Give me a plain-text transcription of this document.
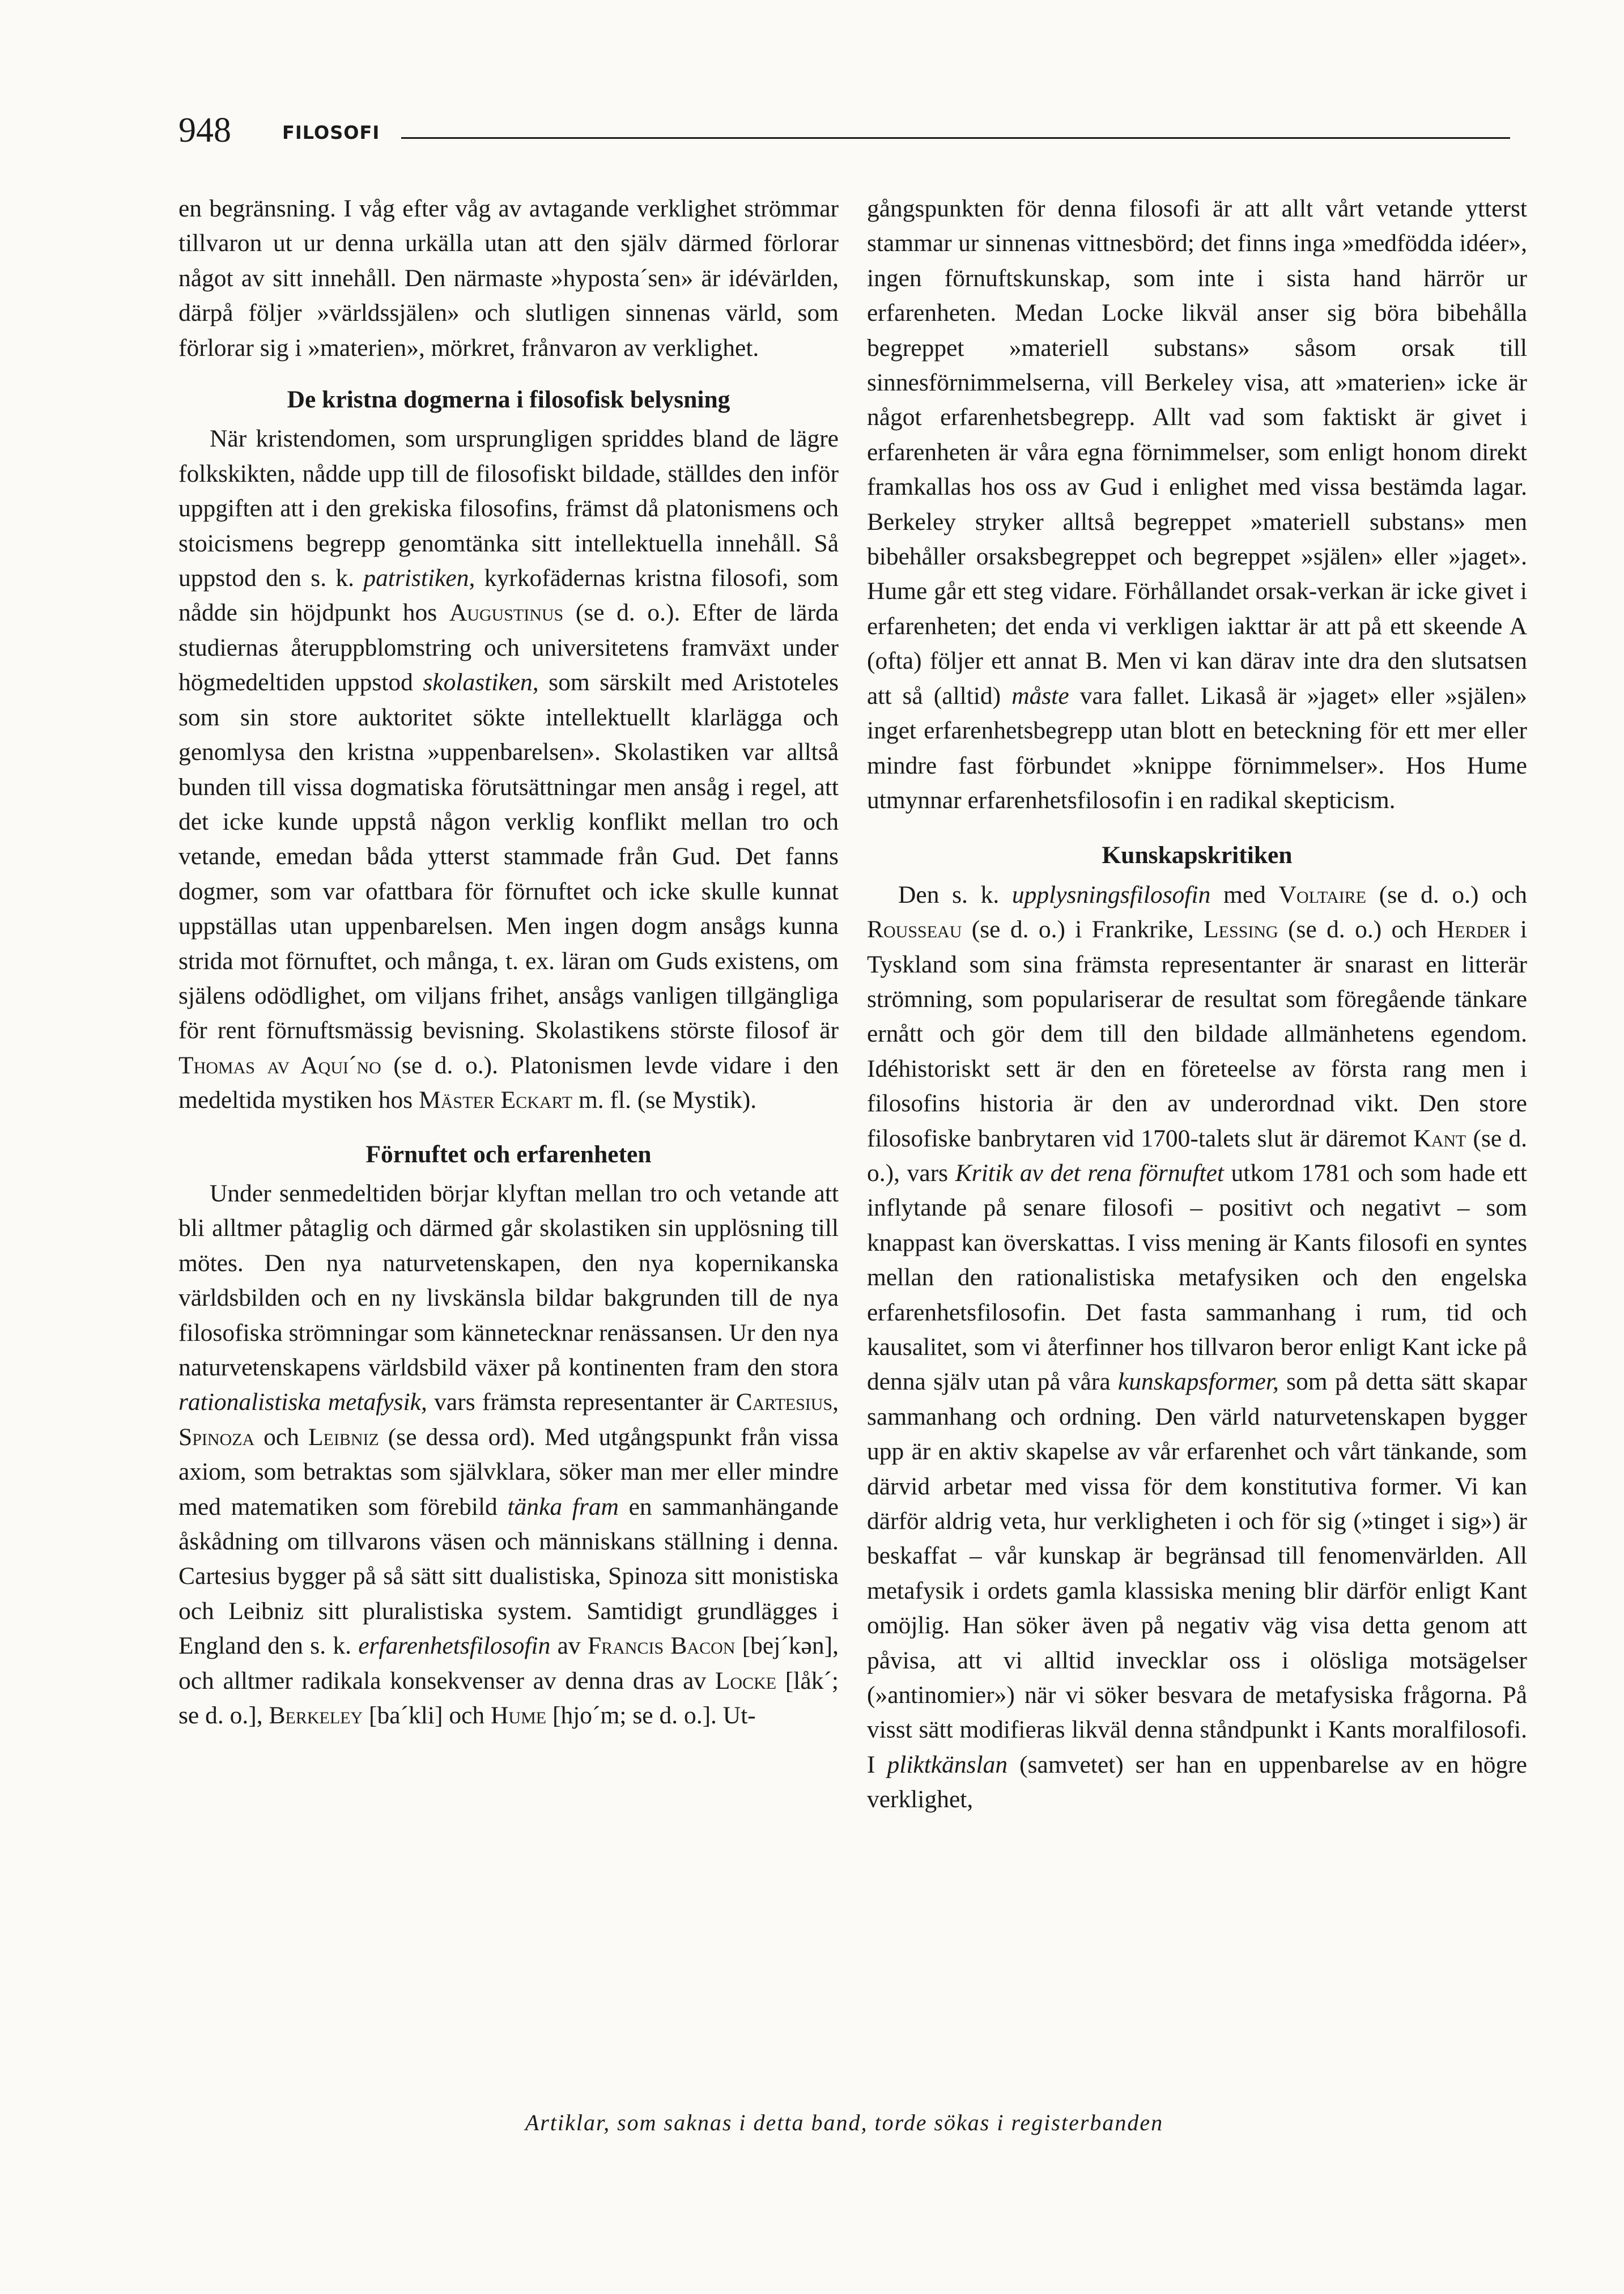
948	FILOSOFI

en begränsning. I våg efter våg av avtagande verklighet strömmar tillvaron ut ur denna urkälla utan att den själv därmed förlorar något av sitt innehåll. Den närmaste »hyposta´sen» är idévärlden, därpå följer »världssjälen» och slutligen sinnenas värld, som förlorar sig i »materien», mörkret, frånvaron av verklighet.

De kristna dogmerna i filosofisk belysning

När kristendomen, som ursprungligen spriddes bland de lägre folkskikten, nådde upp till de filosofiskt bildade, ställdes den inför uppgiften att i den grekiska filosofins, främst då platonismens och stoicismens begrepp genomtänka sitt intellektuella innehåll. Så uppstod den s. k. patristiken, kyrkofädernas kristna filosofi, som nådde sin höjdpunkt hos Augustinus (se d. o.). Efter de lärda studiernas återuppblomstring och universitetens framväxt under högmedeltiden uppstod skolastiken, som särskilt med Aristoteles som sin store auktoritet sökte intellektuellt klarlägga och genomlysa den kristna »uppenbarelsen». Skolastiken var alltså bunden till vissa dogmatiska förutsättningar men ansåg i regel, att det icke kunde uppstå någon verklig konflikt mellan tro och vetande, emedan båda ytterst stammade från Gud. Det fanns dogmer, som var ofattbara för förnuftet och icke skulle kunnat uppställas utan uppenbarelsen. Men ingen dogm ansågs kunna strida mot förnuftet, och många, t. ex. läran om Guds existens, om själens odödlighet, om viljans frihet, ansågs vanligen tillgängliga för rent förnuftsmässig bevisning. Skolastikens störste filosof är Thomas av Aqui´no (se d. o.). Platonismen levde vidare i den medeltida mystiken hos Mäster Eckart m. fl. (se Mystik).

Förnuftet och erfarenheten

Under senmedeltiden börjar klyftan mellan tro och vetande att bli alltmer påtaglig och därmed går skolastiken sin upplösning till mötes. Den nya naturvetenskapen, den nya kopernikanska världsbilden och en ny livskänsla bildar bakgrunden till de nya filosofiska strömningar som kännetecknar renässansen. Ur den nya naturvetenskapens världsbild växer på kontinenten fram den stora rationalistiska metafysik, vars främsta representanter är Cartesius, Spinoza och Leibniz (se dessa ord). Med utgångspunkt från vissa axiom, som betraktas som självklara, söker man mer eller mindre med matematiken som förebild tänka fram en sammanhängande åskådning om tillvarons väsen och människans ställning i denna. Cartesius bygger på så sätt sitt dualistiska, Spinoza sitt monistiska och Leibniz sitt pluralistiska system. Samtidigt grundlägges i England den s. k. erfarenhetsfilosofin av Francis Bacon [bej´kən], och alltmer radikala konsekvenser av denna dras av Locke [låk´; se d. o.], Berkeley [ba´kli] och Hume [hjo´m; se d. o.]. Ut-

gångspunkten för denna filosofi är att allt vårt vetande ytterst stammar ur sinnenas vittnesbörd; det finns inga »medfödda idéer», ingen förnuftskunskap, som inte i sista hand härrör ur erfarenheten. Medan Locke likväl anser sig böra bibehålla begreppet »materiell substans» såsom orsak till sinnesförnimmelserna, vill Berkeley visa, att »materien» icke är något erfarenhetsbegrepp. Allt vad som faktiskt är givet i erfarenheten är våra egna förnimmelser, som enligt honom direkt framkallas hos oss av Gud i enlighet med vissa bestämda lagar. Berkeley stryker alltså begreppet »materiell substans» men bibehåller orsaksbegreppet och begreppet »själen» eller »jaget». Hume går ett steg vidare. Förhållandet orsak-verkan är icke givet i erfarenheten; det enda vi verkligen iakttar är att på ett skeende A (ofta) följer ett annat B. Men vi kan därav inte dra den slutsatsen att så (alltid) måste vara fallet. Likaså är »jaget» eller »själen» inget erfarenhetsbegrepp utan blott en beteckning för ett mer eller mindre fast förbundet »knippe förnimmelser». Hos Hume utmynnar erfarenhetsfilosofin i en radikal skepticism.

Kunskapskritiken

Den s. k. upplysningsfilosofin med Voltaire (se d. o.) och Rousseau (se d. o.) i Frankrike, Lessing (se d. o.) och Herder i Tyskland som sina främsta representanter är snarast en litterär strömning, som populariserar de resultat som föregående tänkare ernått och gör dem till den bildade allmänhetens egendom. Idéhistoriskt sett är den en företeelse av första rang men i filosofins historia är den av underordnad vikt. Den store filosofiske banbrytaren vid 1700-talets slut är däremot Kant (se d. o.), vars Kritik av det rena förnuftet utkom 1781 och som hade ett inflytande på senare filosofi – positivt och negativt – som knappast kan överskattas. I viss mening är Kants filosofi en syntes mellan den rationalistiska metafysiken och den engelska erfarenhetsfilosofin. Det fasta sammanhang i rum, tid och kausalitet, som vi återfinner hos tillvaron beror enligt Kant icke på denna själv utan på våra kunskapsformer, som på detta sätt skapar sammanhang och ordning. Den värld naturvetenskapen bygger upp är en aktiv skapelse av vår erfarenhet och vårt tänkande, som därvid arbetar med vissa för dem konstitutiva former. Vi kan därför aldrig veta, hur verkligheten i och för sig (»tinget i sig») är beskaffat – vår kunskap är begränsad till fenomenvärlden. All metafysik i ordets gamla klassiska mening blir därför enligt Kant omöjlig. Han söker även på negativ väg visa detta genom att påvisa, att vi alltid invecklar oss i olösliga motsägelser (»antinomier») när vi söker besvara de metafysiska frågorna. På visst sätt modifieras likväl denna ståndpunkt i Kants moralfilosofi. I pliktkänslan (samvetet) ser han en uppenbarelse av en högre verklighet,

Artiklar, som saknas i detta band, torde sökas i registerbanden
